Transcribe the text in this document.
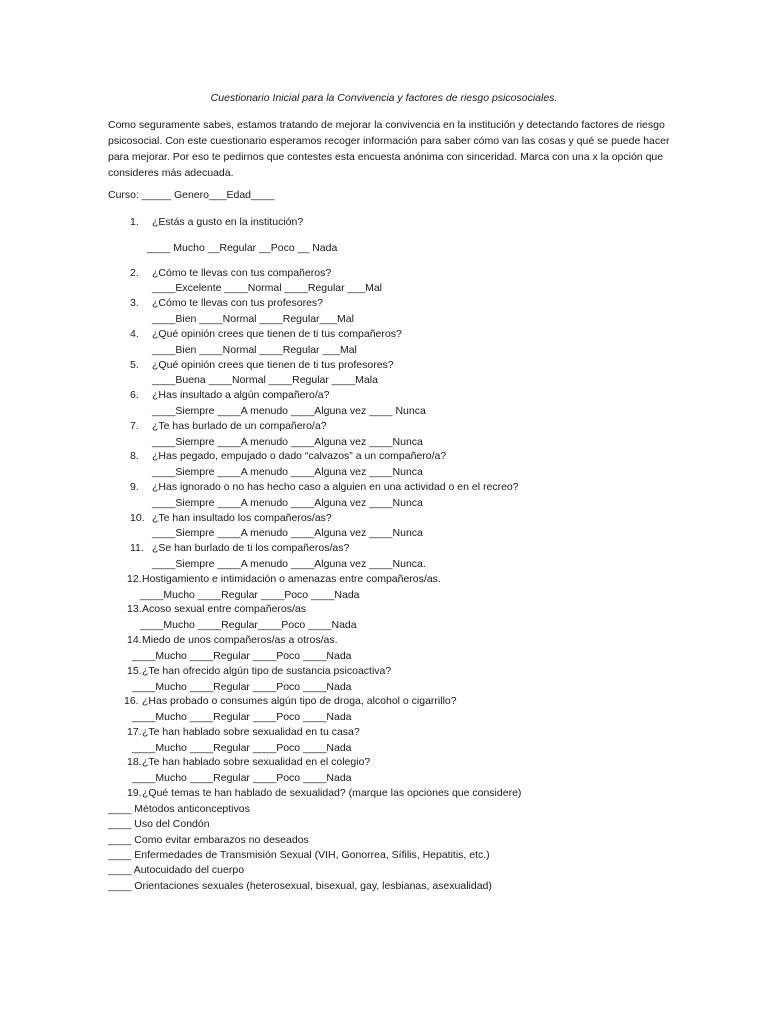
Cuestionario Inicial para la Convivencia y factores de riesgo psicosociales.
Como seguramente sabes, estamos tratando de mejorar la convivencia en la institución y detectando factores de riesgo
psicosocial. Con este cuestionario esperamos recoger información para saber cómo van las cosas y qué se puede hacer
para mejorar. Por eso te pedirnos que contestes esta encuesta anónima con sinceridad. Marca con una x la opción que
consideres más adecuada.
Curso: _____ Genero___Edad____
1. ¿Estás a gusto en la institución?
____ Mucho __Regular __Poco __ Nada
2. ¿Cómo te llevas con tus compañeros?
____Excelente ____Normal ____Regular ___Mal
3. ¿Cómo te llevas con tus profesores?
____Bien ____Normal ____Regular___Mal
4. ¿Qué opinión crees que tienen de ti tus compañeros?
____Bien ____Normal ____Regular ___Mal
5. ¿Qué opinión crees que tienen de ti tus profesores?
____Buena ____Normal ____Regular ____Mala
6. ¿Has insultado a algún compañero/a?
____Siempre ____A menudo ____Alguna vez ____ Nunca
7. ¿Te has burlado de un compañero/a?
____Siempre ____A menudo ____Alguna vez ____Nunca
8. ¿Has pegado, empujado o dado “calvazos” a un compañero/a?
____Siempre ____A menudo ____Alguna vez ____Nunca
9. ¿Has ignorado o no has hecho caso a alguien en una actividad o en el recreo?
____Siempre ____A menudo ____Alguna vez ____Nunca
10. ¿Te han insultado los compañeros/as?
____Siempre ____A menudo ____Alguna vez ____Nunca
11. ¿Se han burlado de ti los compañeros/as?
____Siempre ____A menudo ____Alguna vez ____Nunca.
12. Hostigamiento e intimidación o amenazas entre compañeros/as.
____Mucho ____Regular ____Poco ____Nada
13. Acoso sexual entre compañeros/as
____Mucho ____Regular____Poco ____Nada
14. Miedo de unos compañeros/as a otros/as.
____Mucho ____Regular ____Poco ____Nada
15. ¿Te han ofrecido algún tipo de sustancia psicoactiva?
____Mucho ____Regular ____Poco ____Nada
16. ¿Has probado o consumes algún tipo de droga, alcohol o cigarrillo?
____Mucho ____Regular ____Poco ____Nada
17. ¿Te han hablado sobre sexualidad en tu casa?
____Mucho ____Regular ____Poco ____Nada
18. ¿Te han hablado sobre sexualidad en el colegio?
____Mucho ____Regular ____Poco ____Nada
19. ¿Qué temas te han hablado de sexualidad? (marque las opciones que considere)
____ Métodos anticonceptivos
____ Uso del Condón
____ Como evitar embarazos no deseados
____ Enfermedades de Transmisión Sexual (VIH, Gonorrea, Sífilis, Hepatitis, etc.)
____ Autocuidado del cuerpo
____ Orientaciones sexuales (heterosexual, bisexual, gay, lesbianas, asexualidad)
